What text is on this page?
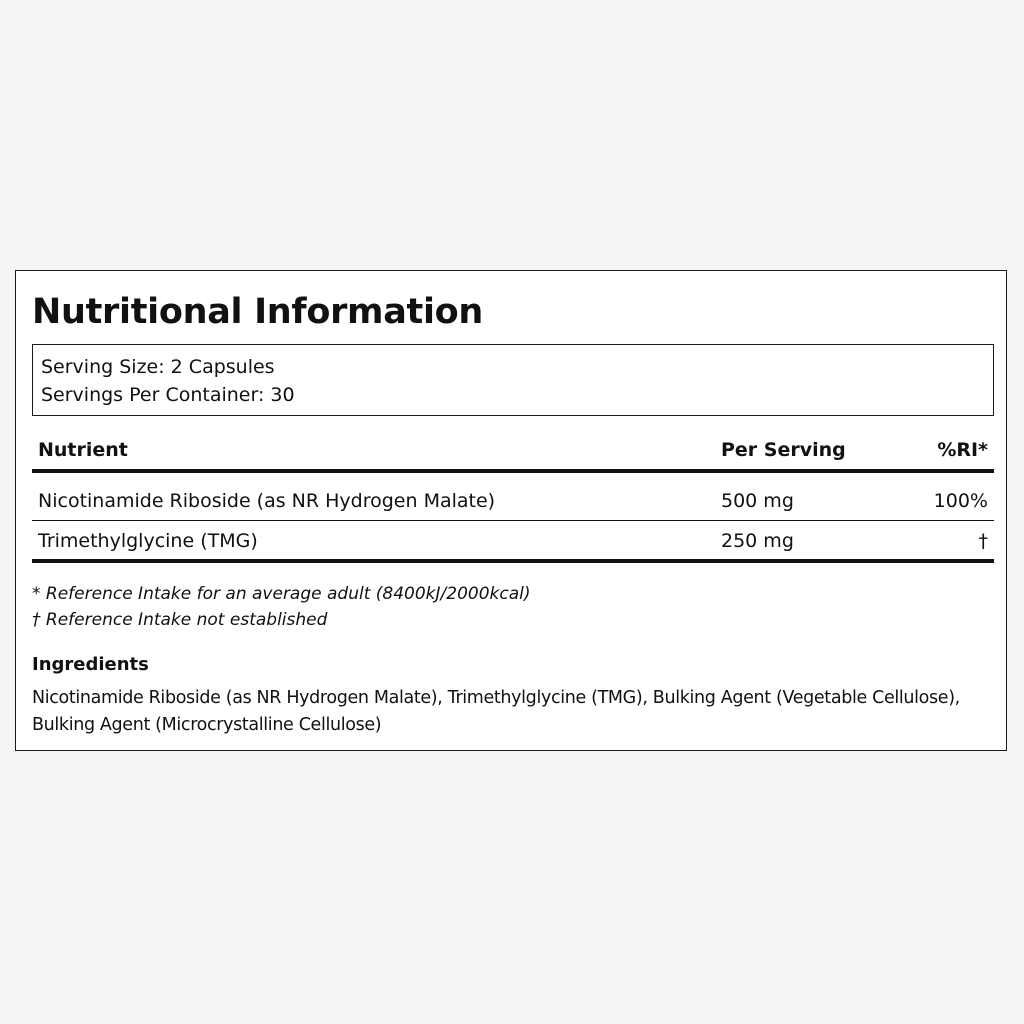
Nutritional Information
Serving Size: 2 Capsules
Servings Per Container: 30
Nutrient	Per Serving	%RI*
Nicotinamide Riboside (as NR Hydrogen Malate)	500 mg	100%
Trimethylglycine (TMG)	250 mg	†
* Reference Intake for an average adult (8400kJ/2000kcal)
† Reference Intake not established
Ingredients

Nicotinamide Riboside (as NR Hydrogen Malate), Trimethylglycine (TMG), Bulking Agent (Vegetable Cellulose), Bulking Agent (Microcrystalline Cellulose)
